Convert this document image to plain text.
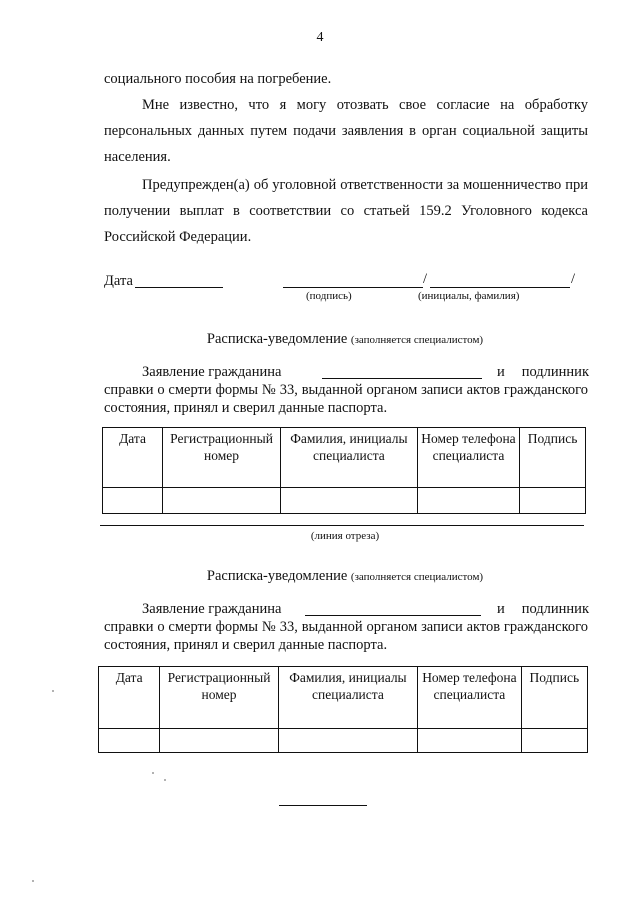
4
социального пособия на погребение.
Мне известно, что я могу отозвать свое согласие на обработку
персональных данных путем подачи заявления в орган социальной защиты
населения.
Предупрежден(а) об уголовной ответственности за мошенничество при
получении выплат в соответствии со статьей 159.2 Уголовного кодекса
Российской Федерации.
Дата	/	/
(подпись)	(инициалы, фамилия)
Расписка-уведомление (заполняется специалистом)
Заявление гражданина	и подлинник
справки о смерти формы № 33, выданной органом записи актов гражданского
состояния, принял и сверил данные паспорта.
Дата	Регистрационный номер	Фамилия, инициалы специалиста	Номер телефона специалиста	Подпись

(линия отреза)
Расписка-уведомление (заполняется специалистом)
Заявление гражданина	и подлинник
справки о смерти формы № 33, выданной органом записи актов гражданского
состояния, принял и сверил данные паспорта.
Дата	Регистрационный номер	Фамилия, инициалы специалиста	Номер телефона специалиста	Подпись
